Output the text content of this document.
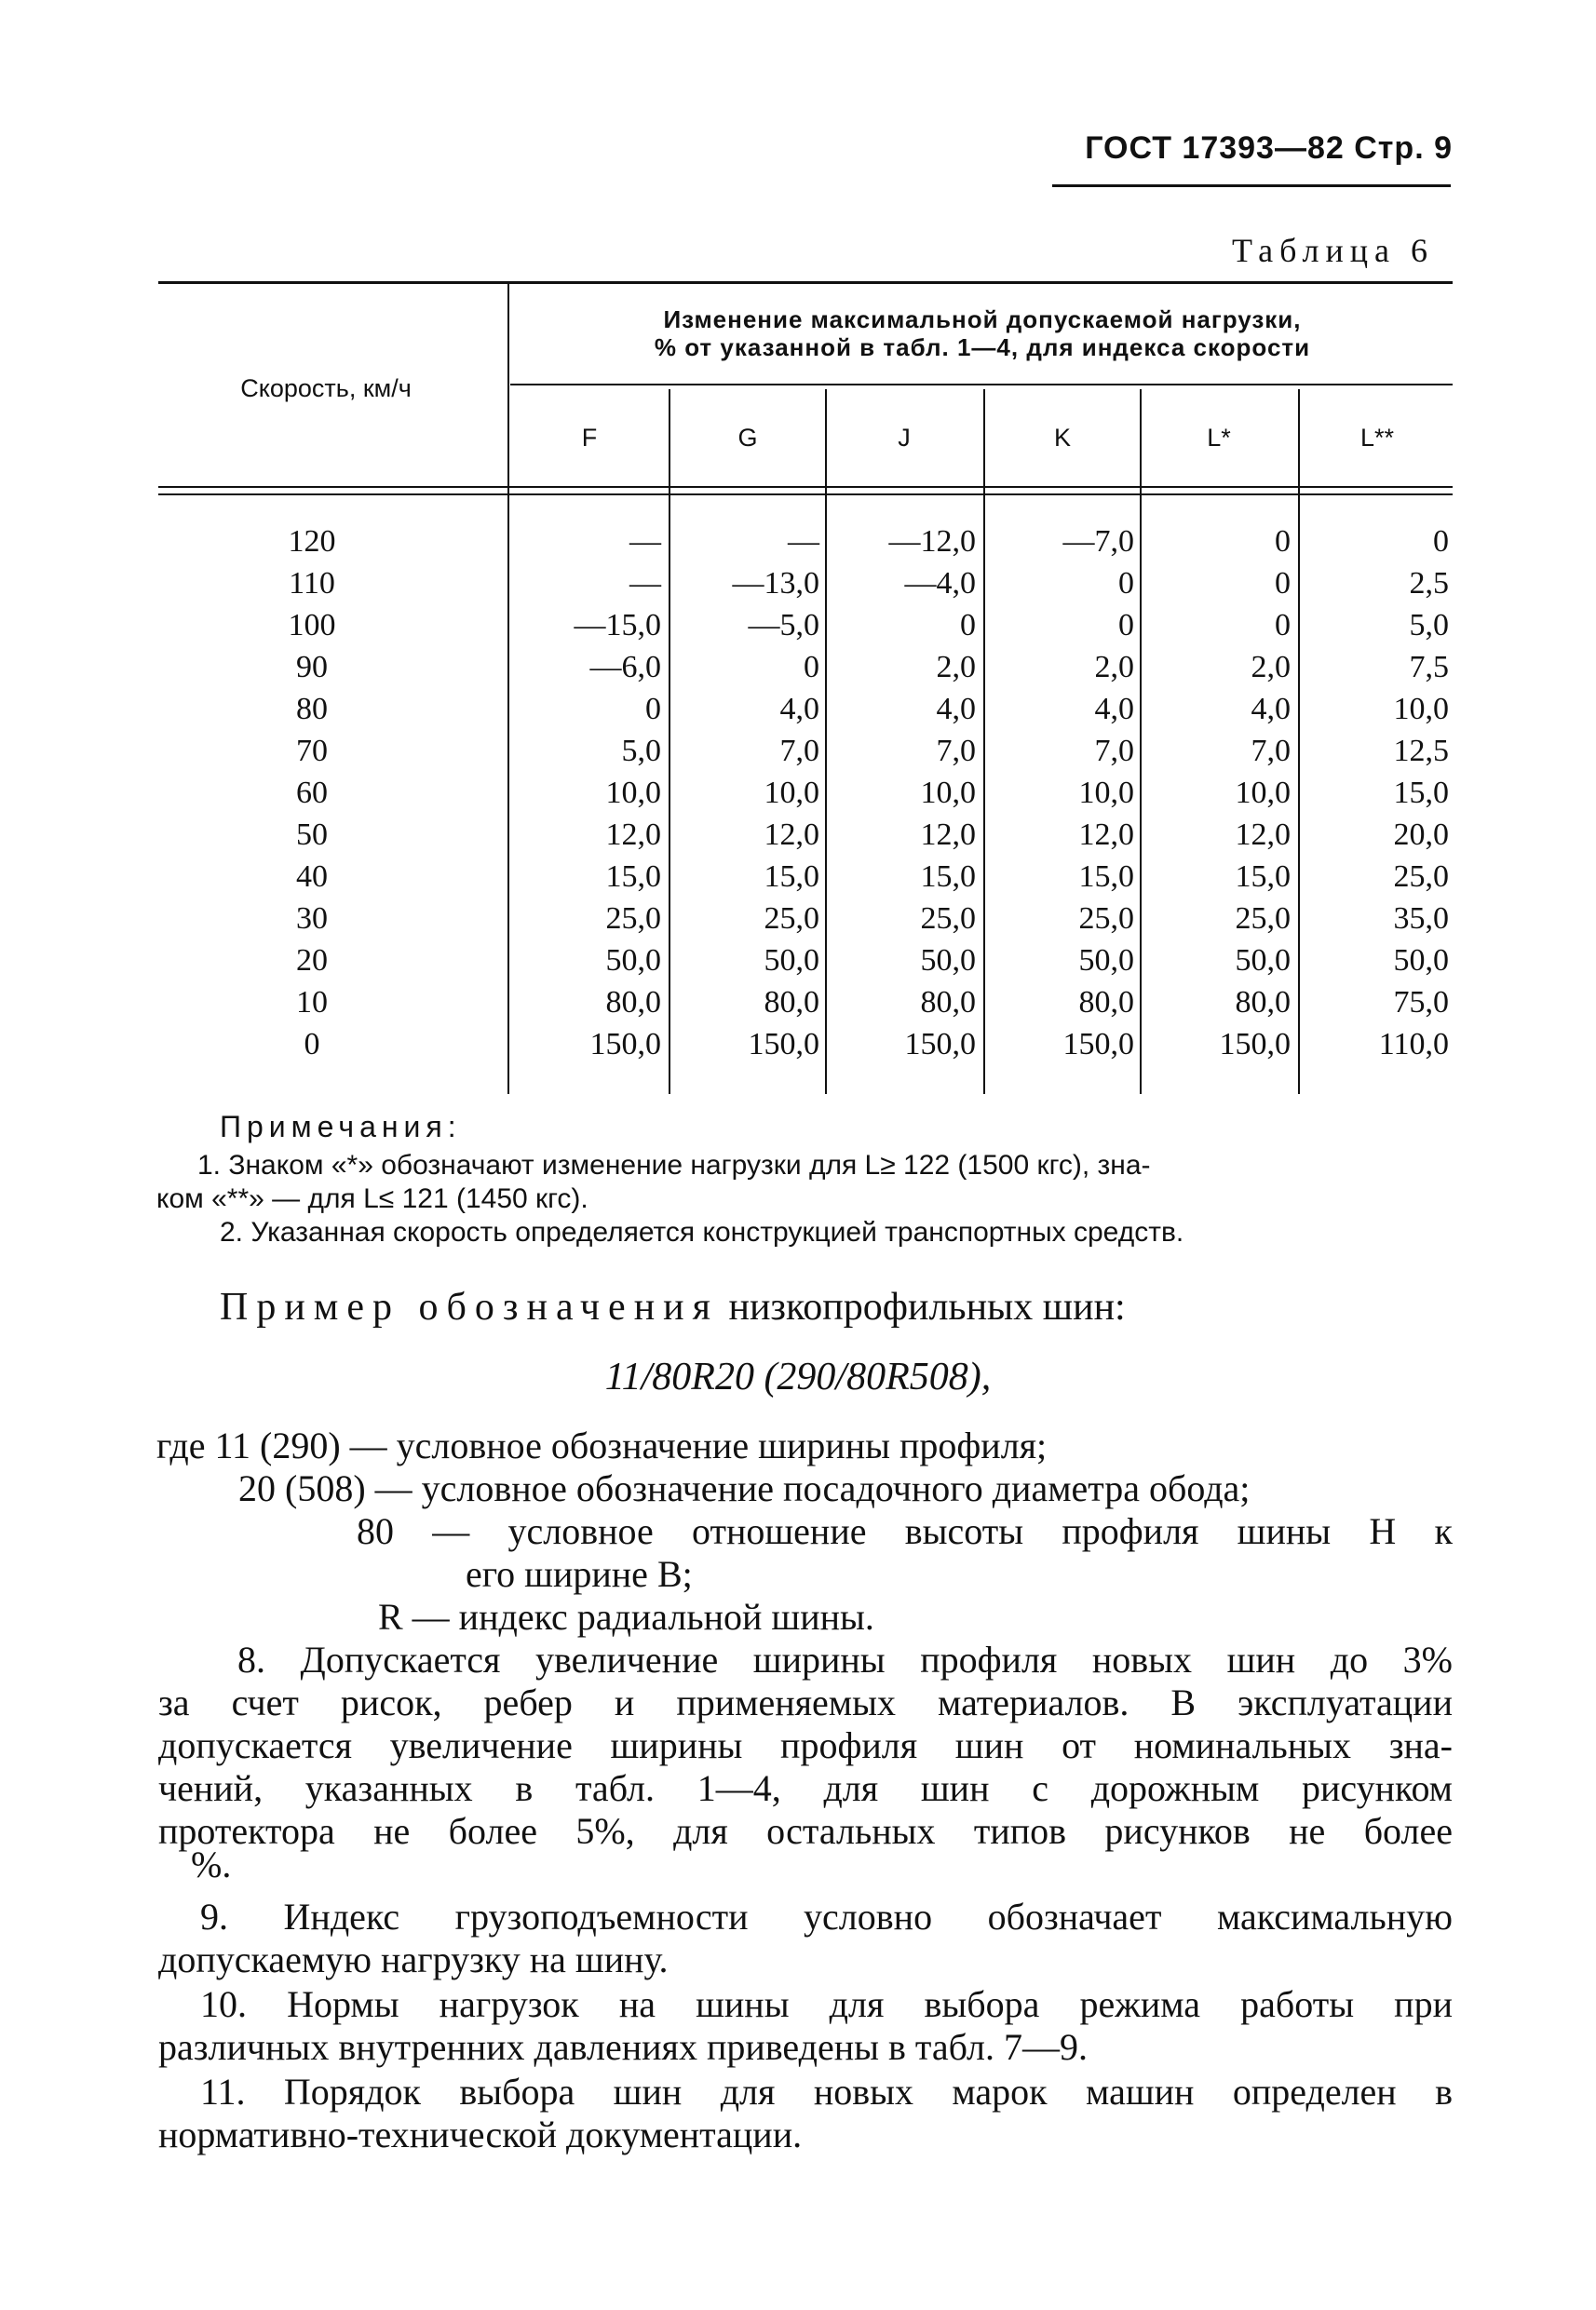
ГОСТ 17393—82 Стр. 9
Таблица 6
Скорость, км/ч
Изменение максимальной допускаемой нагрузки,
% от указанной в табл. 1—4, для индекса скорости
F	G	J	K	L*	L**
120	—	—	—12,0	—7,0	0	0
110	—	—13,0	—4,0	0	0	2,5
100	—15,0	—5,0	0	0	0	5,0
90	—6,0	0	2,0	2,0	2,0	7,5
80	0	4,0	4,0	4,0	4,0	10,0
70	5,0	7,0	7,0	7,0	7,0	12,5
60	10,0	10,0	10,0	10,0	10,0	15,0
50	12,0	12,0	12,0	12,0	12,0	20,0
40	15,0	15,0	15,0	15,0	15,0	25,0
30	25,0	25,0	25,0	25,0	25,0	35,0
20	50,0	50,0	50,0	50,0	50,0	50,0
10	80,0	80,0	80,0	80,0	80,0	75,0
0	150,0	150,0	150,0	150,0	150,0	110,0
Примечания:
1. Знаком «*» обозначают изменение нагрузки для L≥ 122 (1500 кгс), зна-
ком «**» — для L≤ 121 (1450 кгс).
2. Указанная скорость определяется конструкцией транспортных средств.
Пример обозначения низкопрофильных шин:
11/80R20 (290/80R508),
где 11 (290) — условное обозначение ширины профиля;
20 (508) — условное обозначение посадочного диаметра обода;
80 — условное отношение высоты профиля шины H к
его ширине B;
R — индекс радиальной шины.
8. Допускается увеличение ширины профиля новых шин до 3%
за счет рисок, ребер и применяемых материалов. В эксплуатации
допускается увеличение ширины профиля шин от номинальных зна-
чений, указанных в табл. 1—4, для шин с дорожным рисунком
протектора не более 5%, для остальных типов рисунков не более
%.
9. Индекс грузоподъемности условно обозначает максимальную
допускаемую нагрузку на шину.
10. Нормы нагрузок на шины для выбора режима работы при
различных внутренних давлениях приведены в табл. 7—9.
11. Порядок выбора шин для новых марок машин определен в
нормативно-технической документации.
